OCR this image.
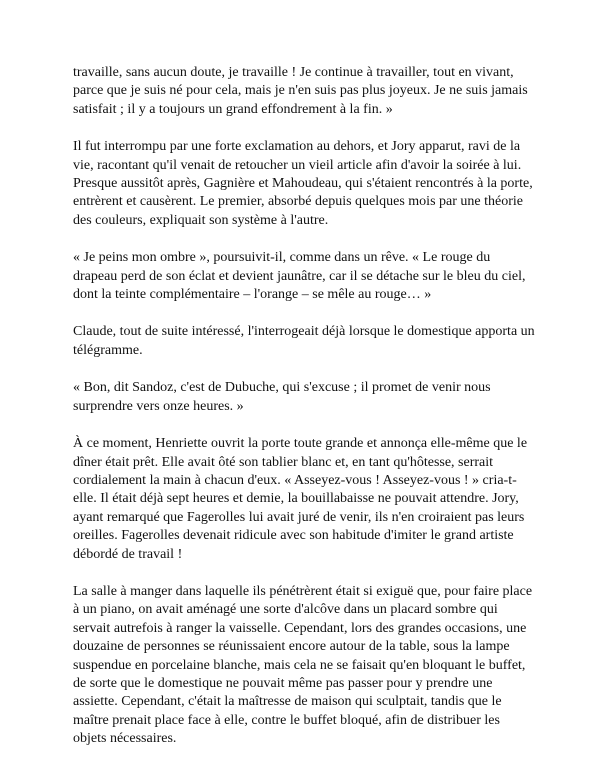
travaille, sans aucun doute, je travaille ! Je continue à travailler, tout en vivant, parce que je suis né pour cela, mais je n'en suis pas plus joyeux. Je ne suis jamais satisfait ; il y a toujours un grand effondrement à la fin. »

Il fut interrompu par une forte exclamation au dehors, et Jory apparut, ravi de la vie, racontant qu'il venait de retoucher un vieil article afin d'avoir la soirée à lui. Presque aussitôt après, Gagnière et Mahoudeau, qui s'étaient rencontrés à la porte, entrèrent et causèrent. Le premier, absorbé depuis quelques mois par une théorie des couleurs, expliquait son système à l'autre.

« Je peins mon ombre », poursuivit-il, comme dans un rêve. « Le rouge du drapeau perd de son éclat et devient jaunâtre, car il se détache sur le bleu du ciel, dont la teinte complémentaire – l'orange – se mêle au rouge… »

Claude, tout de suite intéressé, l'interrogeait déjà lorsque le domestique apporta un télégramme.

« Bon, dit Sandoz, c'est de Dubuche, qui s'excuse ; il promet de venir nous surprendre vers onze heures. »

À ce moment, Henriette ouvrit la porte toute grande et annonça elle-même que le dîner était prêt. Elle avait ôté son tablier blanc et, en tant qu'hôtesse, serrait cordialement la main à chacun d'eux. « Asseyez-vous ! Asseyez-vous ! » cria-t-elle. Il était déjà sept heures et demie, la bouillabaisse ne pouvait attendre. Jory, ayant remarqué que Fagerolles lui avait juré de venir, ils n'en croiraient pas leurs oreilles. Fagerolles devenait ridicule avec son habitude d'imiter le grand artiste débordé de travail !

La salle à manger dans laquelle ils pénétrèrent était si exiguë que, pour faire place à un piano, on avait aménagé une sorte d'alcôve dans un placard sombre qui servait autrefois à ranger la vaisselle. Cependant, lors des grandes occasions, une douzaine de personnes se réunissaient encore autour de la table, sous la lampe suspendue en porcelaine blanche, mais cela ne se faisait qu'en bloquant le buffet, de sorte que le domestique ne pouvait même pas passer pour y prendre une assiette. Cependant, c'était la maîtresse de maison qui sculptait, tandis que le maître prenait place face à elle, contre le buffet bloqué, afin de distribuer les objets nécessaires.
